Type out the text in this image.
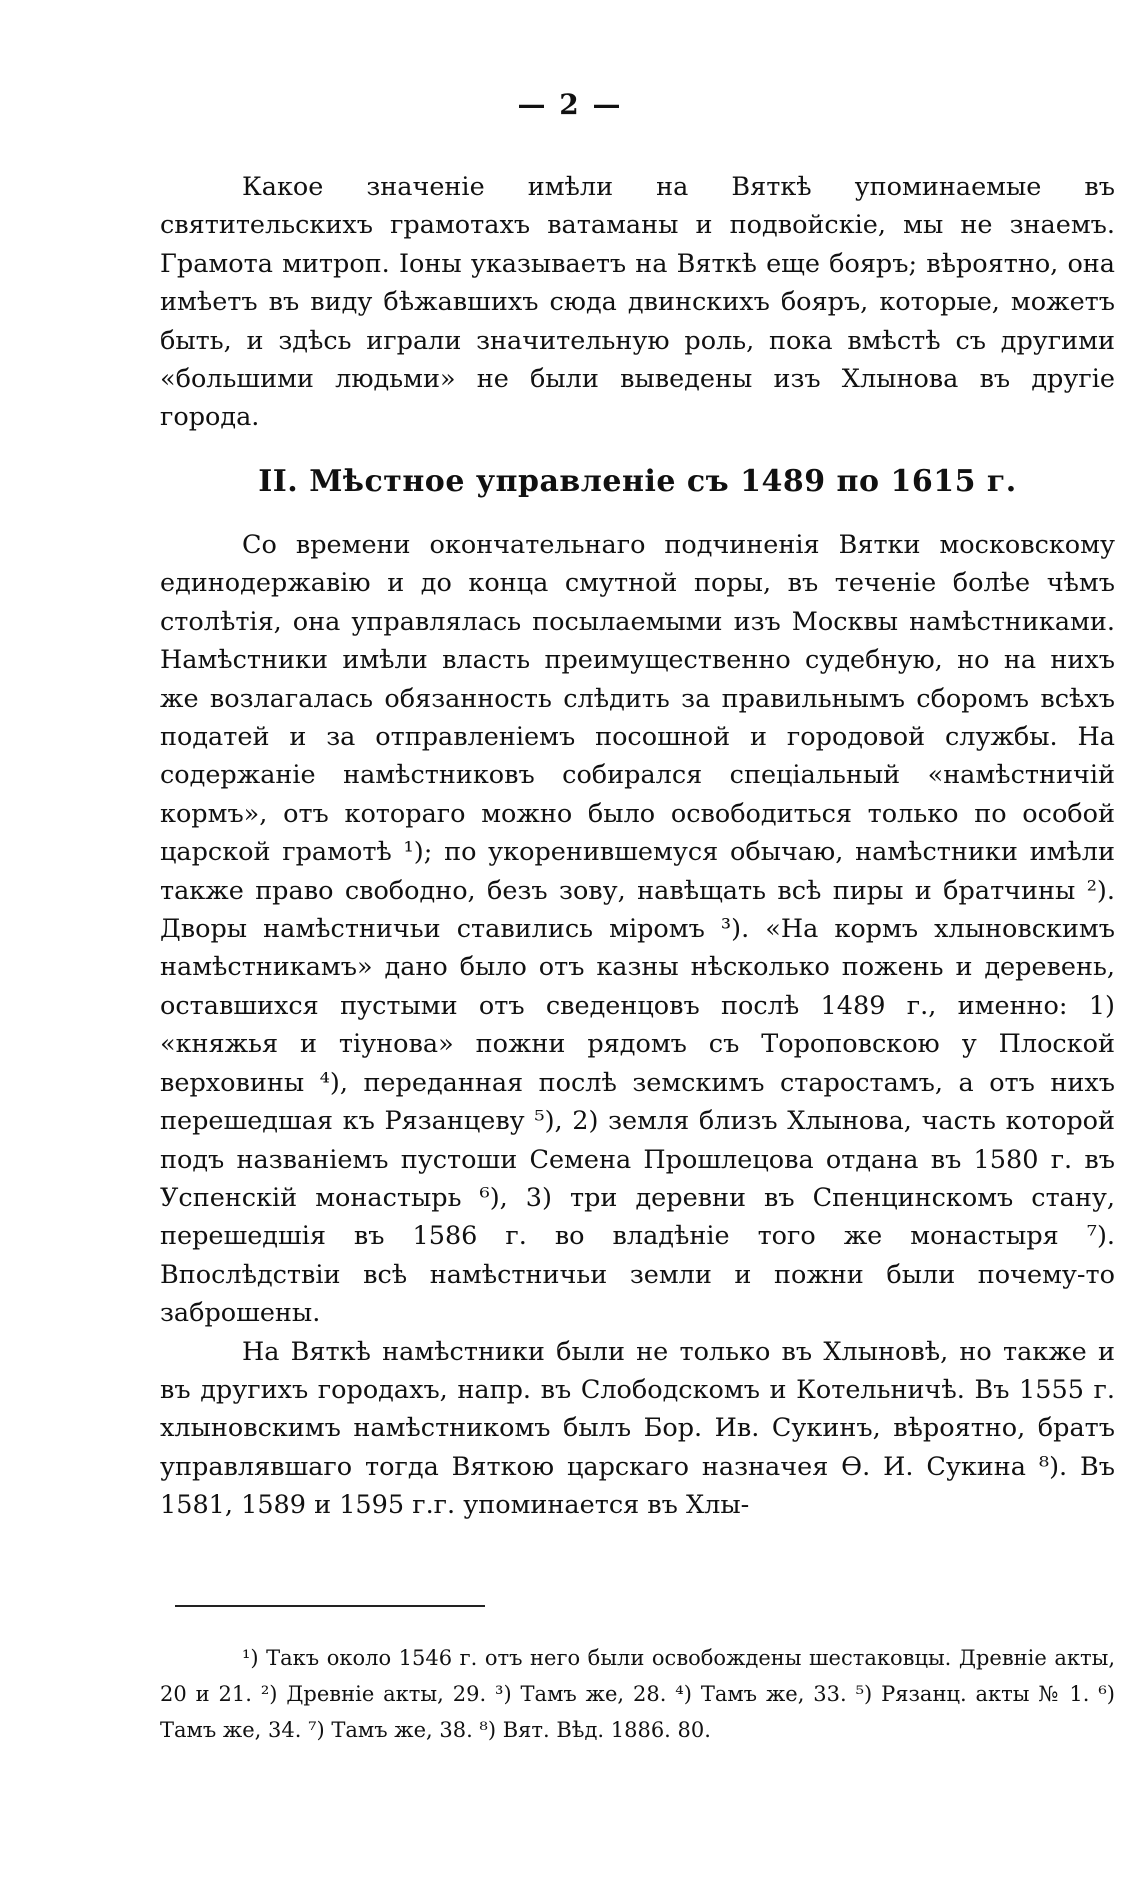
— 2 —

Какое значеніе имѣли на Вяткѣ упоминаемые въ святительскихъ грамотахъ ватаманы и подвойскіе, мы не знаемъ. Грамота митроп. Іоны указываетъ на Вяткѣ еще бояръ; вѣроятно, она имѣетъ въ виду бѣжавшихъ сюда двинскихъ бояръ, которые, можетъ быть, и здѣсь играли значительную роль, пока вмѣстѣ съ другими «большими людьми» не были выведены изъ Хлынова въ другіе города.

II. Мѣстное управленіе съ 1489 по 1615 г.

Со времени окончательнаго подчиненія Вятки московскому единодержавію и до конца смутной поры, въ теченіе болѣе чѣмъ столѣтія, она управлялась посылаемыми изъ Москвы намѣстниками. Намѣстники имѣли власть преимущественно судебную, но на нихъ же возлагалась обязанность слѣдить за правильнымъ сборомъ всѣхъ податей и за отправленіемъ посошной и городовой службы. На содержаніе намѣстниковъ собирался спеціальный «намѣстничій кормъ», отъ котораго можно было освободиться только по особой царской грамотѣ ¹); по укоренившемуся обычаю, намѣстники имѣли также право свободно, безъ зову, навѣщать всѣ пиры и братчины ²). Дворы намѣстничьи ставились міромъ ³). «На кормъ хлыновскимъ намѣстникамъ» дано было отъ казны нѣсколько пожень и деревень, оставшихся пустыми отъ сведенцовъ послѣ 1489 г., именно: 1) «княжья и тіунова» пожни рядомъ съ Тороповскою у Плоской верховины ⁴), переданная послѣ земскимъ старостамъ, а отъ нихъ перешедшая къ Рязанцеву ⁵), 2) земля близъ Хлынова, часть которой подъ названіемъ пустоши Семена Прошлецова отдана въ 1580 г. въ Успенскій монастырь ⁶), 3) три деревни въ Спенцинскомъ стану, перешедшія въ 1586 г. во владѣніе того же монастыря ⁷). Впослѣдствіи всѣ намѣстничьи земли и пожни были почему-то заброшены.

На Вяткѣ намѣстники были не только въ Хлыновѣ, но также и въ другихъ городахъ, напр. въ Слободскомъ и Котельничѣ. Въ 1555 г. хлыновскимъ намѣстникомъ былъ Бор. Ив. Сукинъ, вѣроятно, братъ управлявшаго тогда Вяткою царскаго назначея Ѳ. И. Сукина ⁸). Въ 1581, 1589 и 1595 г.г. упоминается въ Хлы-

¹) Такъ около 1546 г. отъ него были освобождены шестаковцы. Древніе акты, 20 и 21. ²) Древніе акты, 29. ³) Тамъ же, 28. ⁴) Тамъ же, 33. ⁵) Рязанц. акты № 1. ⁶) Тамъ же, 34. ⁷) Тамъ же, 38. ⁸) Вят. Вѣд. 1886. 80.
